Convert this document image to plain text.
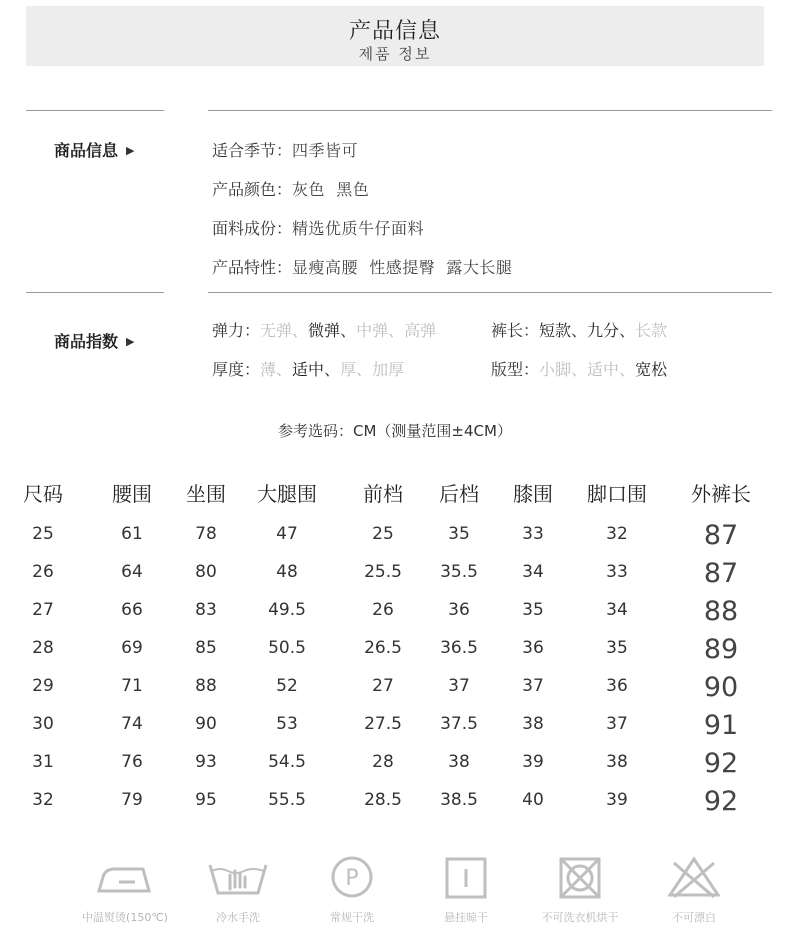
产品信息
제품 정보
商品信息 ▶	适合季节：四季皆可
产品颜色：灰色  黑色
面料成份：精选优质牛仔面料
产品特性：显瘦高腰  性感提臀  露大长腿
商品指数 ▶
弹力：无弹、微弹、中弹、高弹	裤长：短款、九分、长款
厚度：薄、适中、厚、加厚	版型：小脚、适中、宽松
参考选码：CM（测量范围±4CM）
尺码 腰围 坐围 大腿围 前档 后档 膝围 脚口围 外裤长
25	61	78	47	25	35	33	32	87
26	64	80	48	25.5 35.5	34	33	87
27	66	83	49.5	26	36	35	34	88
28	69	85	50.5	26.5 36.5	36	35	89
29	71	88	52	27	37	37	36	90
30	74	90	53	27.5 37.5	38	37	91
31	76	93	54.5	28	38	39	38	92
32	79	95	55.5	28.5 38.5	40	39	92
中温熨烫(150℃)	冷水手洗
P
常规干洗	悬挂晾干	不可洗衣机烘干	不可漂白
